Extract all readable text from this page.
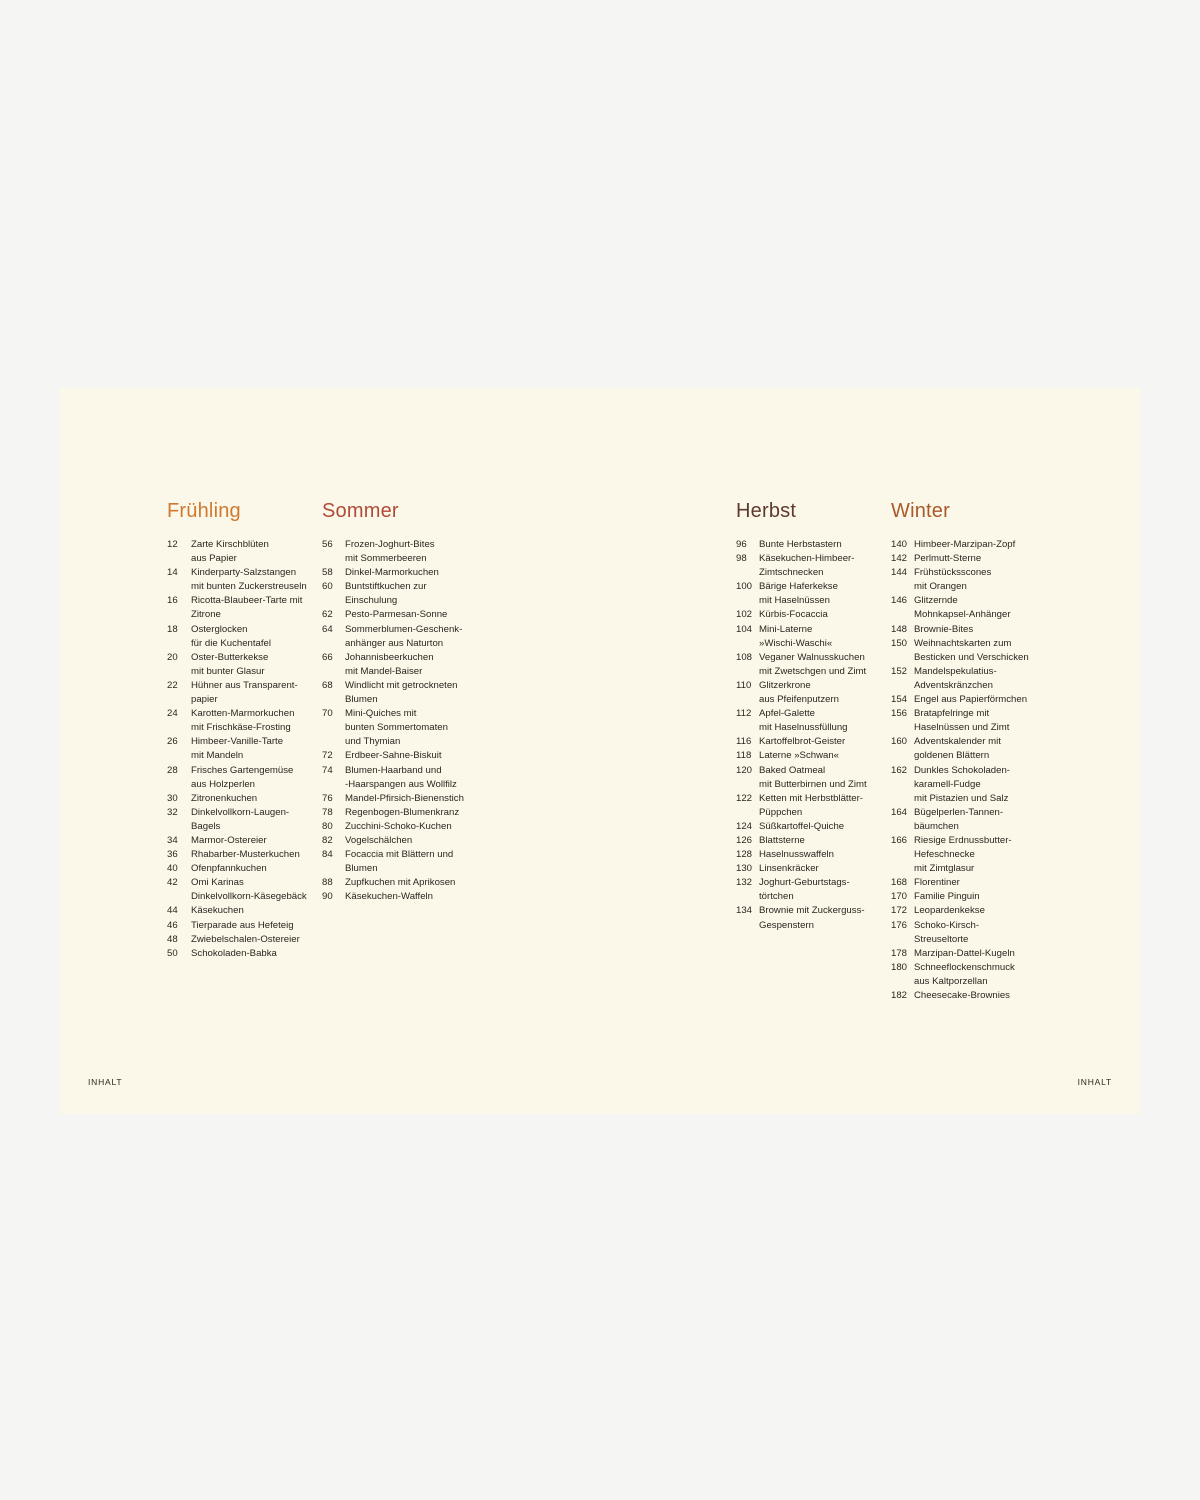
Frühling
12	Zarte Kirschblüten
aus Papier
14	Kinderparty-Salzstangen
mit bunten Zuckerstreuseln
16	Ricotta-Blaubeer-Tarte mit
Zitrone
18	Osterglocken
für die Kuchentafel
20	Oster-Butterkekse
mit bunter Glasur
22	Hühner aus Transparent-
papier
24	Karotten-Marmorkuchen
mit Frischkäse-Frosting
26	Himbeer-Vanille-Tarte
mit Mandeln
28	Frisches Gartengemüse
aus Holzperlen
30	Zitronenkuchen
32	Dinkelvollkorn-Laugen-
Bagels
34	Marmor-Ostereier
36	Rhabarber-Musterkuchen
40	Ofenpfannkuchen
42	Omi Karinas
Dinkelvollkorn-Käsegebäck
44	Käsekuchen
46	Tierparade aus Hefeteig
48	Zwiebelschalen-Ostereier
50	Schokoladen-Babka
Sommer
56	Frozen-Joghurt-Bites
mit Sommerbeeren
58	Dinkel-Marmorkuchen
60	Buntstiftkuchen zur
Einschulung
62	Pesto-Parmesan-Sonne
64	Sommerblumen-Geschenk-
anhänger aus Naturton
66	Johannisbeerkuchen
mit Mandel-Baiser
68	Windlicht mit getrockneten
Blumen
70	Mini-Quiches mit
bunten Sommertomaten
und Thymian
72	Erdbeer-Sahne-Biskuit
74	Blumen-Haarband und
-Haarspangen aus Wollfilz
76	Mandel-Pfirsich-Bienenstich
78	Regenbogen-Blumenkranz
80	Zucchini-Schoko-Kuchen
82	Vogelschälchen
84	Focaccia mit Blättern und
Blumen
88	Zupfkuchen mit Aprikosen
90	Käsekuchen-Waffeln
INHALT
Herbst
96	Bunte Herbstastern
98	Käsekuchen-Himbeer-
Zimtschnecken
100 Bärige Haferkekse
mit Haselnüssen
102 Kürbis-Focaccia
104 Mini-Laterne
»Wischi-Waschi«
108 Veganer Walnusskuchen
mit Zwetschgen und Zimt
110 Glitzerkrone
aus Pfeifenputzern
112 Apfel-Galette
mit Haselnussfüllung
116 Kartoffelbrot-Geister
118 Laterne »Schwan«
120 Baked Oatmeal
mit Butterbirnen und Zimt
122 Ketten mit Herbstblätter-
Püppchen
124 Süßkartoffel-Quiche
126 Blattsterne
128 Haselnusswaffeln
130 Linsenkräcker
132 Joghurt-Geburtstags-
törtchen
134 Brownie mit Zuckerguss-
Gespenstern
Winter
140 Himbeer-Marzipan-Zopf
142 Perlmutt-Sterne
144 Frühstücksscones
mit Orangen
146 Glitzernde
Mohnkapsel-Anhänger
148 Brownie-Bites
150 Weihnachtskarten zum
Besticken und Verschicken
152 Mandelspekulatius-
Adventskränzchen
154 Engel aus Papierförmchen
156 Bratapfelringe mit
Haselnüssen und Zimt
160 Adventskalender mit
goldenen Blättern
162 Dunkles Schokoladen-
karamell-Fudge
mit Pistazien und Salz
164 Bügelperlen-Tannen-
bäumchen
166 Riesige Erdnussbutter-
Hefeschnecke
mit Zimtglasur
168 Florentiner
170 Familie Pinguin
172 Leopardenkekse
176 Schoko-Kirsch-
Streuseltorte
178 Marzipan-Dattel-Kugeln
180 Schneeflockenschmuck
aus Kaltporzellan
182 Cheesecake-Brownies
INHALT
